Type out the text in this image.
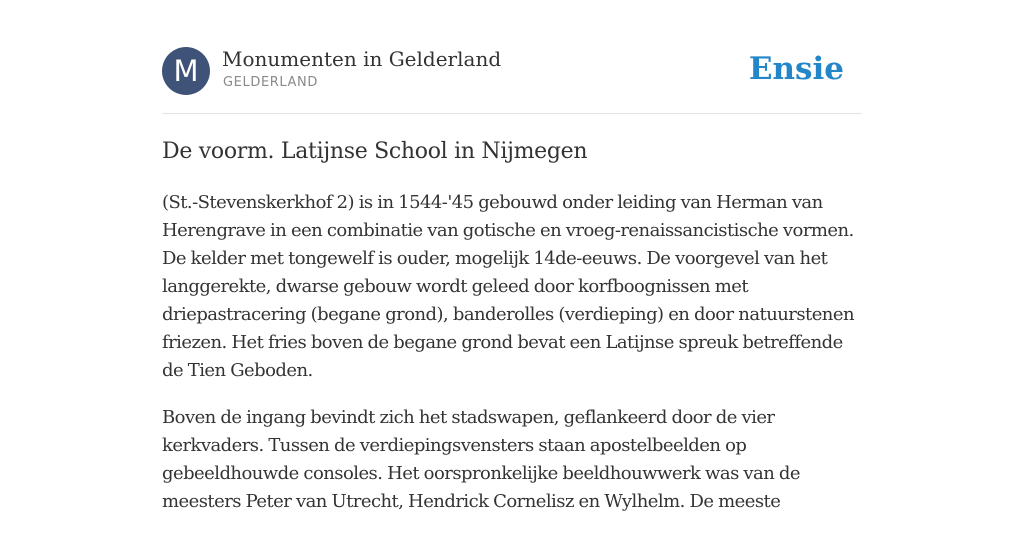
M	Monumenten in Gelderland
GELDERLAND	Ensie
De voorm. Latijnse School in Nijmegen

(St.-Stevenskerkhof 2) is in 1544-'45 gebouwd onder leiding van Herman van Herengrave in een combinatie van gotische en vroeg-renaissancistische vormen. De kelder met tongewelf is ouder, mogelijk 14de-eeuws. De voorgevel van het langgerekte, dwarse gebouw wordt geleed door korfboognissen met driepastracering (begane grond), banderolles (verdieping) en door natuurstenen friezen. Het fries boven de begane grond bevat een Latijnse spreuk betreffende de Tien Geboden.

Boven de ingang bevindt zich het stadswapen, geflankeerd door de vier kerkvaders. Tussen de verdiepingsvensters staan apostelbeelden op gebeeldhouwde consoles. Het oorspronkelijke beeldhouwwerk was van de meesters Peter van Utrecht, Hendrick Cornelisz en Wylhelm. De meeste
